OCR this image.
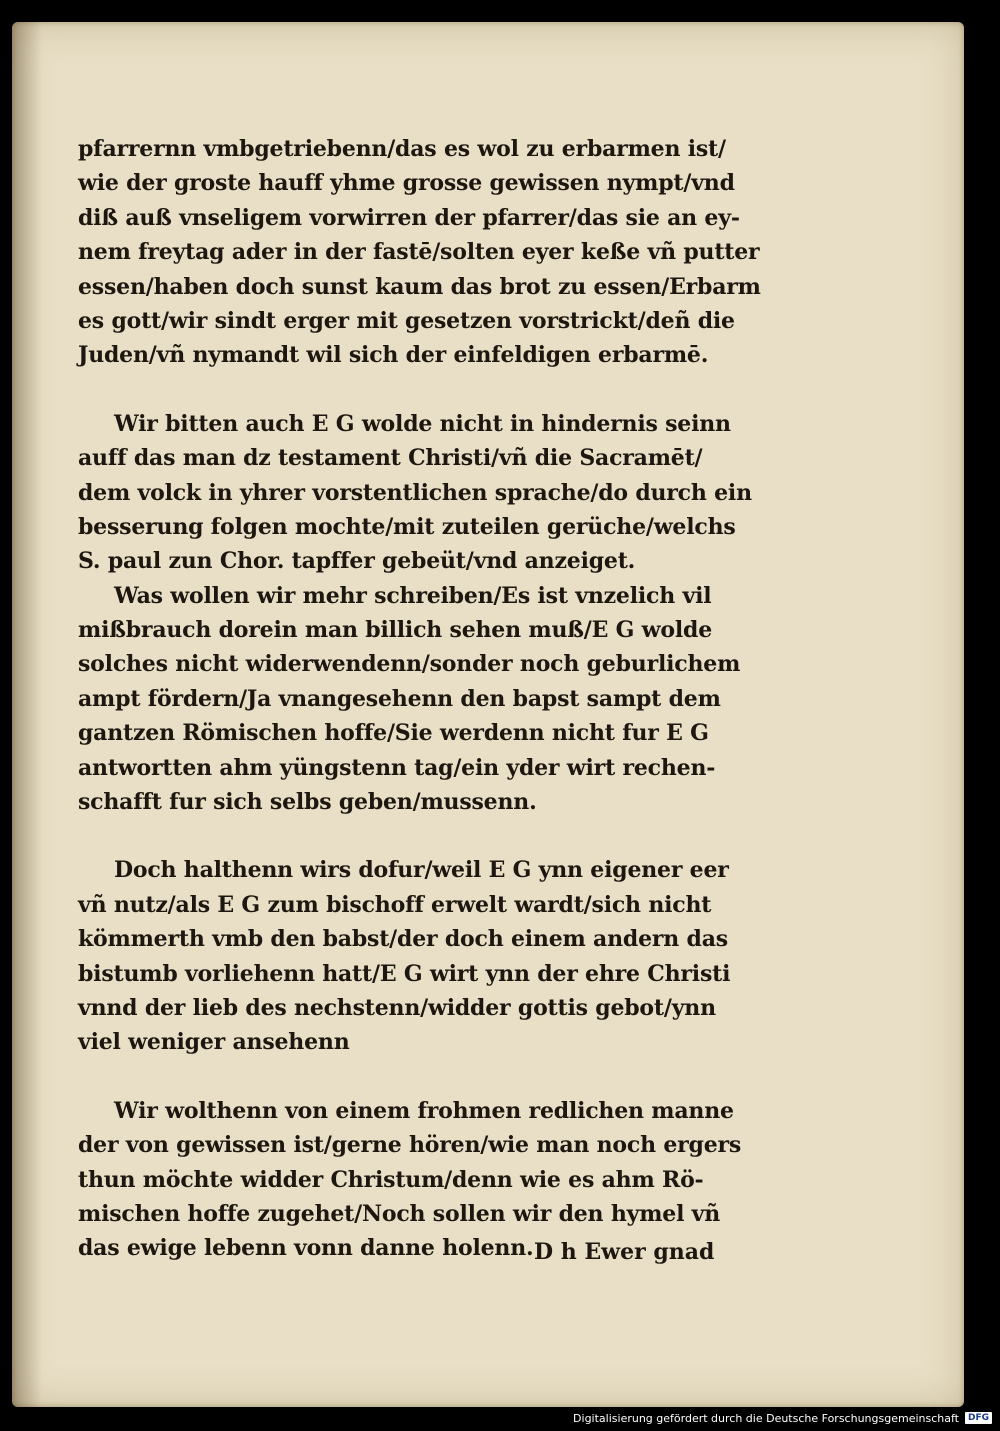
pfarrernn vmbgetriebenn/das es wol zu erbarmen ist/
wie der groste hauff yhme grosse gewissen nympt/vnd
diß auß vnseligem vorwirren der pfarrer/das sie an ey-
nem freytag ader in der fastē/solten eyer keße vñ putter
essen/haben doch sunst kaum das brot zu essen/Erbarm
es gott/wir sindt erger mit gesetzen vorstrickt/deñ die
Juden/vñ nymandt wil sich der einfeldigen erbarmē.
Wir bitten auch E G wolde nicht in hindernis seinn
auff das man dz testament Christi/vñ die Sacramēt/
dem volck in yhrer vorstentlichen sprache/do durch ein
besserung folgen mochte/mit zuteilen gerüche/welchs
S. paul zun Chor. tapffer gebeüt/vnd anzeiget.
Was wollen wir mehr schreiben/Es ist vnzelich vil
mißbrauch dorein man billich sehen muß/E G wolde
solches nicht widerwendenn/sonder noch geburlichem
ampt fördern/Ja vnangesehenn den bapst sampt dem
gantzen Römischen hoffe/Sie werdenn nicht fur E G
antwortten ahm yüngstenn tag/ein yder wirt rechen-
schafft fur sich selbs geben/mussenn.
Doch halthenn wirs dofur/weil E G ynn eigener eer
vñ nutz/als E G zum bischoff erwelt wardt/sich nicht
kömmerth vmb den babst/der doch einem andern das
bistumb vorliehenn hatt/E G wirt ynn der ehre Christi
vnnd der lieb des nechstenn/widder gottis gebot/ynn
viel weniger ansehenn
Wir wolthenn von einem frohmen redlichen manne
der von gewissen ist/gerne hören/wie man noch ergers
thun möchte widder Christum/denn wie es ahm Rö-
mischen hoffe zugehet/Noch sollen wir den hymel vñ
das ewige lebenn vonn danne holenn. D h Ewer gnad
Digitalisierung gefördert durch die Deutsche Forschungsgemeinschaft	DFG
